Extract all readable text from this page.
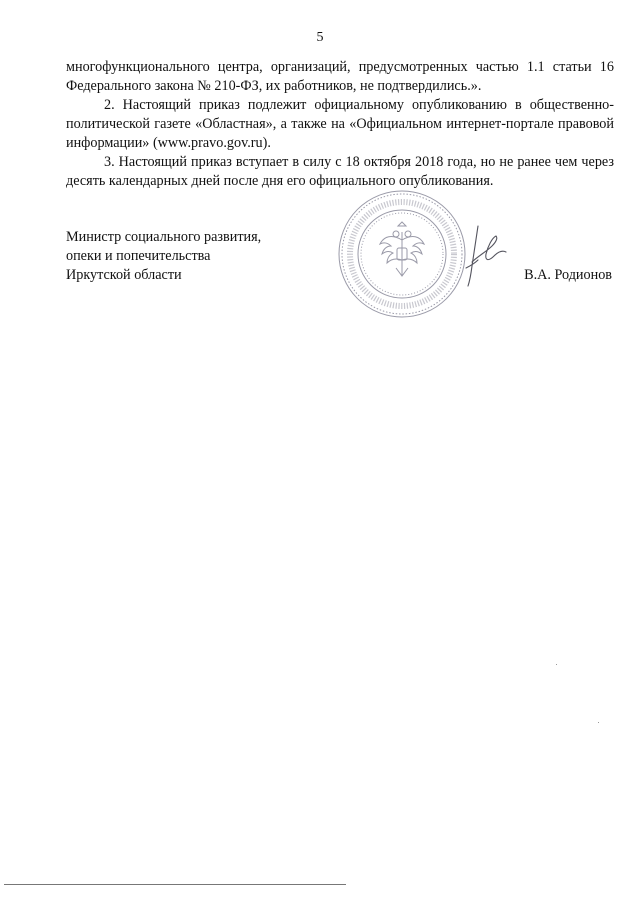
5

многофункционального центра, организаций, предусмотренных частью 1.1 статьи 16 Федерального закона № 210-ФЗ, их работников, не подтвердились.».

2. Настоящий приказ подлежит официальному опубликованию в общественно-политической газете «Областная», а также на «Официальном интернет-портале правовой информации» (www.pravo.gov.ru).

3. Настоящий приказ вступает в силу с 18 октября 2018 года, но не ранее чем через десять календарных дней после дня его официального опубликования.

Министр социального развития,
опеки и попечительства
Иркутской области	В.А. Родионов
